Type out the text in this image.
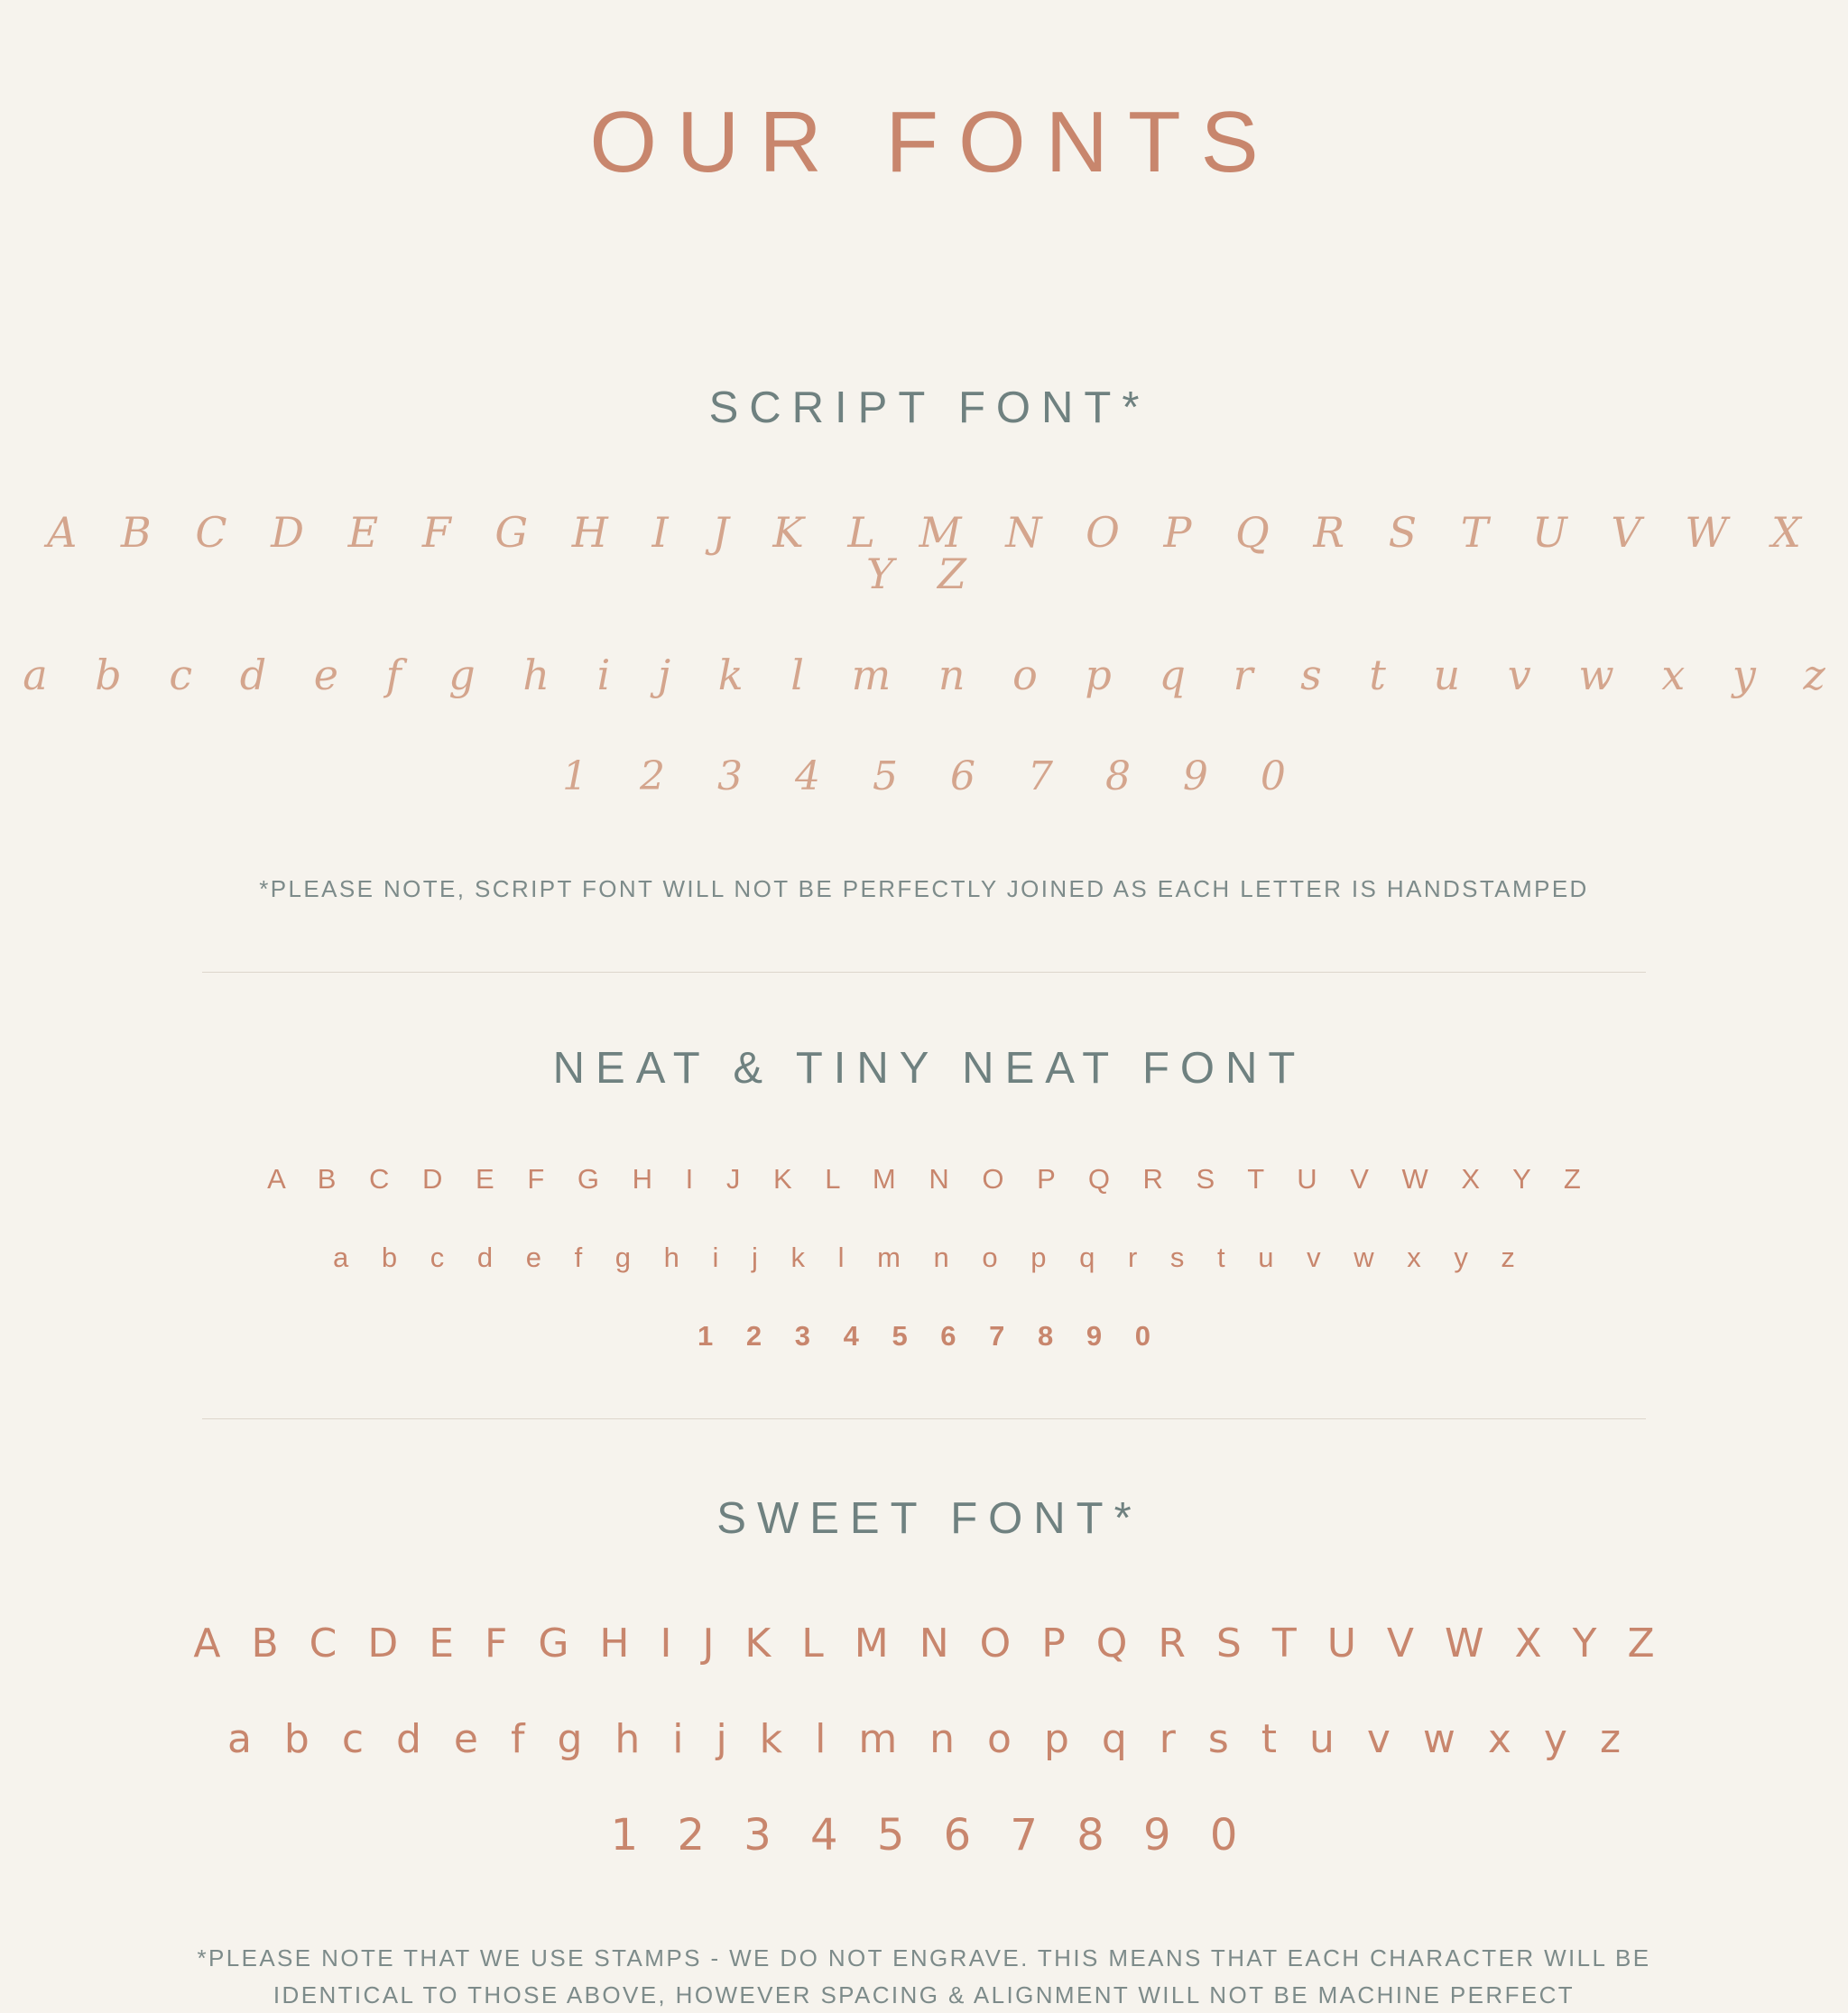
OUR FONTS
SCRIPT FONT*
A B C D E F G H I J K L M N O P Q R S T U V W X Y Z
a b c d e f g h i j k l m n o p q r s t u v w x y z
1 2 3 4 5 6 7 8 9 0
*PLEASE NOTE, SCRIPT FONT WILL NOT BE PERFECTLY JOINED AS EACH LETTER IS HANDSTAMPED
NEAT & TINY NEAT FONT
A B C D E F G H I J K L M N O P Q R S T U V W X Y Z
a b c d e f g h i j k l m n o p q r s t u v w x y z
1 2 3 4 5 6 7 8 9 0
SWEET FONT*
A B C D E F G H I J K L M N O P Q R S T U V W X Y Z
a b c d e f g h i j k l m n o p q r s t u v w x y z
1 2 3 4 5 6 7 8 9 0
*PLEASE NOTE THAT WE USE STAMPS - WE DO NOT ENGRAVE. THIS MEANS THAT EACH CHARACTER WILL BE
IDENTICAL TO THOSE ABOVE, HOWEVER SPACING & ALIGNMENT WILL NOT BE MACHINE PERFECT
